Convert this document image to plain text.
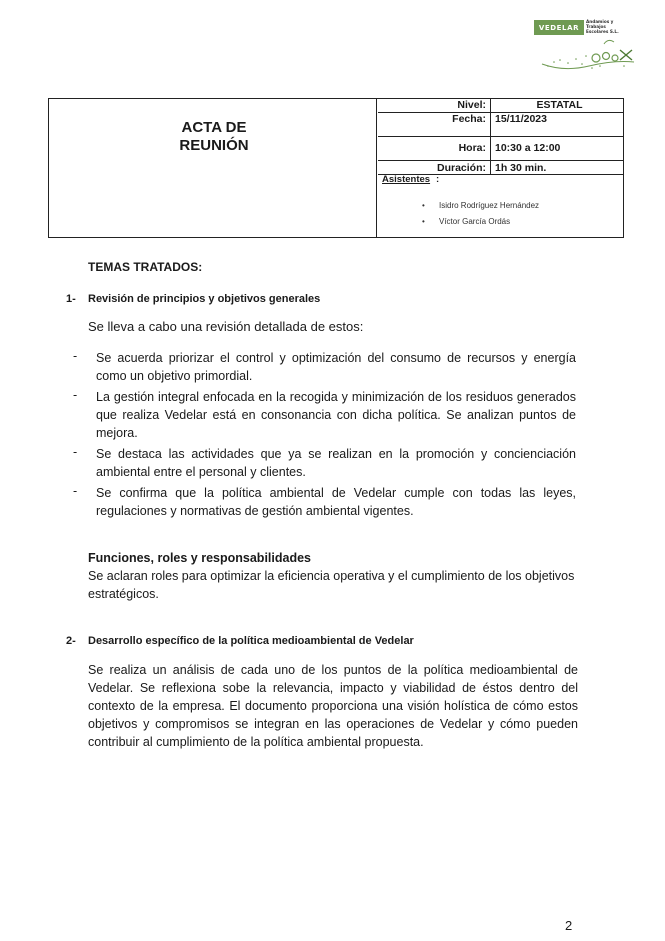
VEDELAR
Andamios y
Trabajos
Escolares S.L.
ACTA DE
REUNIÓN
Nivel:	ESTATAL
Fecha: 15/11/2023
Hora: 10:30 a 12:00
Duración: 1h 30 min.
Asistentes :
• Isidro Rodríguez Hernández
• Víctor García Ordás
TEMAS TRATADOS:
1- Revisión de principios y objetivos generales
Se lleva a cabo una revisión detallada de estos:
- Se acuerda priorizar el control y optimización del consumo de recursos y energía como un objetivo primordial.
- La gestión integral enfocada en la recogida y minimización de los residuos generados que realiza Vedelar está en consonancia con dicha política. Se analizan puntos de mejora.
- Se destaca las actividades que ya se realizan en la promoción y concienciación ambiental entre el personal y clientes.
- Se confirma que la política ambiental de Vedelar cumple con todas las leyes, regulaciones y normativas de gestión ambiental vigentes.
Funciones, roles y responsabilidades
Se aclaran roles para optimizar la eficiencia operativa y el cumplimiento de los objetivos estratégicos.
2- Desarrollo específico de la política medioambiental de Vedelar
Se realiza un análisis de cada uno de los puntos de la política medioambiental de Vedelar. Se reflexiona sobe la relevancia, impacto y viabilidad de éstos dentro del contexto de la empresa. El documento proporciona una visión holística de cómo estos objetivos y compromisos se integran en las operaciones de Vedelar y cómo pueden contribuir al cumplimiento de la política ambiental propuesta.
2
